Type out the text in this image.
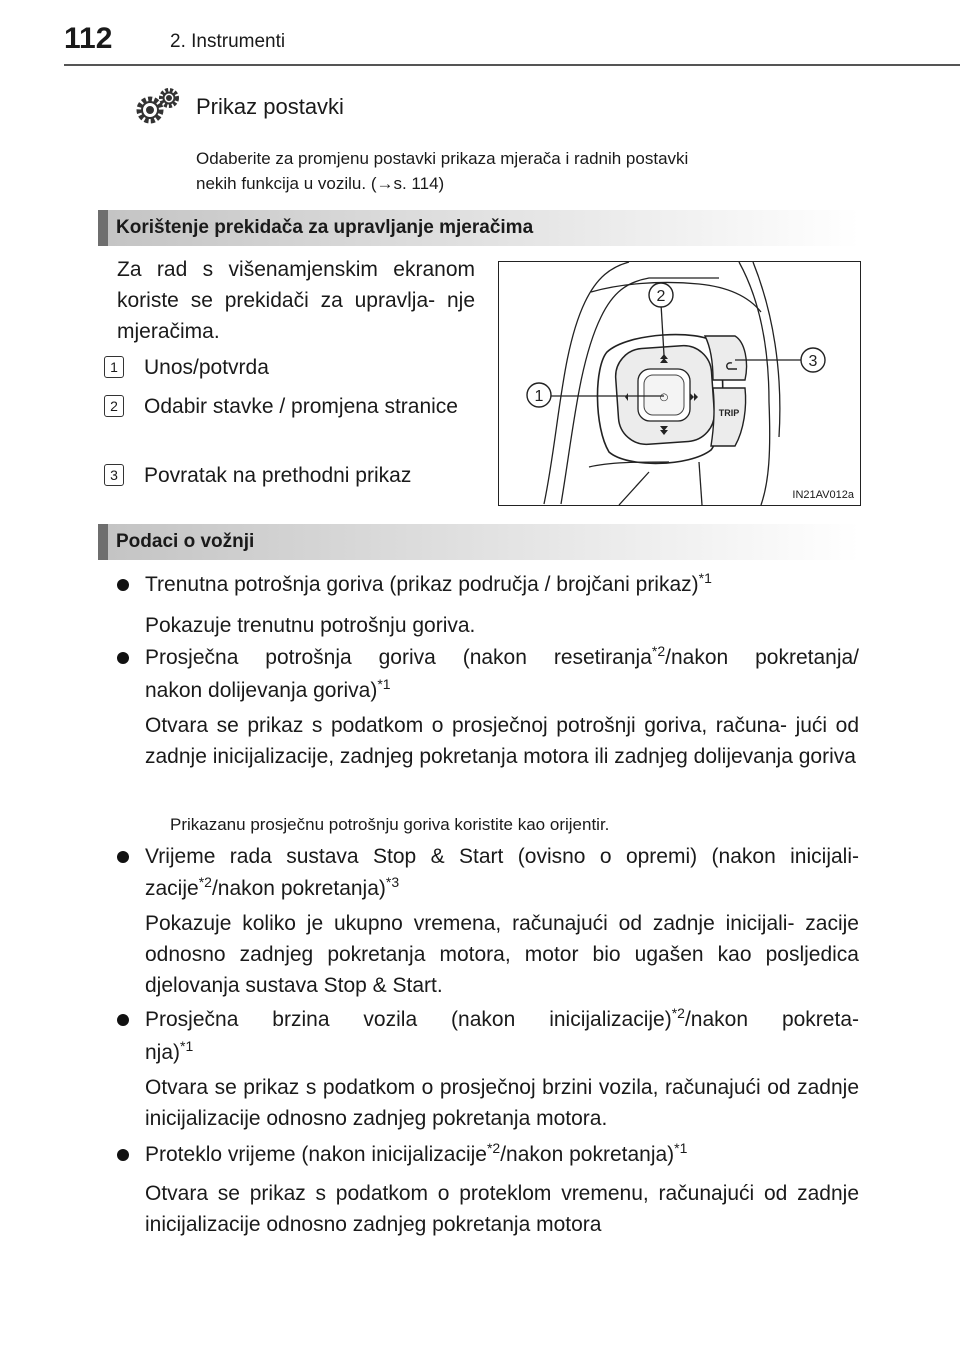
112	2. Instrumenti
Prikaz postavki
Odaberite za promjenu postavki prikaza mjerača i radnih postavki
nekih funkcija u vozilu. (→s. 114)
Korištenje prekidača za upravljanje mjeračima
Za rad s višenamjenskim ekranom koriste se prekidači za upravlja- nje mjeračima.
1 Unos/potvrda
2 Odabir stavke / promjena stranice
3 Povratak na prethodni prikaz
○
TRIP
1
2
3
IN21AV012a
Podaci o vožnji
Trenutna potrošnja goriva (prikaz područja / brojčani prikaz)$^{*1}$
Pokazuje trenutnu potrošnju goriva.
Prosječna potrošnja goriva (nakon resetiranja$^{*2}$/nakon pokretanja/
nakon dolijevanja goriva)$^{*1}$
Otvara se prikaz s podatkom o prosječnoj potrošnji goriva, računa- jući od zadnje inicijalizacije, zadnjeg pokretanja motora ili zadnjeg dolijevanja goriva
Prikazanu prosječnu potrošnju goriva koristite kao orijentir.
Vrijeme rada sustava Stop & Start (ovisno o opremi) (nakon inicijali-
zacije$^{*2}$/nakon pokretanja)$^{*3}$
Pokazuje koliko je ukupno vremena, računajući od zadnje inicijali- zacije odnosno zadnjeg pokretanja motora, motor bio ugašen kao posljedica djelovanja sustava Stop & Start.
Prosječna brzina vozila (nakon inicijalizacije)$^{*2}$/nakon pokreta-
nja)$^{*1}$
Otvara se prikaz s podatkom o prosječnoj brzini vozila, računajući od zadnje inicijalizacije odnosno zadnjeg pokretanja motora.
Proteklo vrijeme (nakon inicijalizacije$^{*2}$/nakon pokretanja)$^{*1}$
Otvara se prikaz s podatkom o proteklom vremenu, računajući od zadnje inicijalizacije odnosno zadnjeg pokretanja motora
